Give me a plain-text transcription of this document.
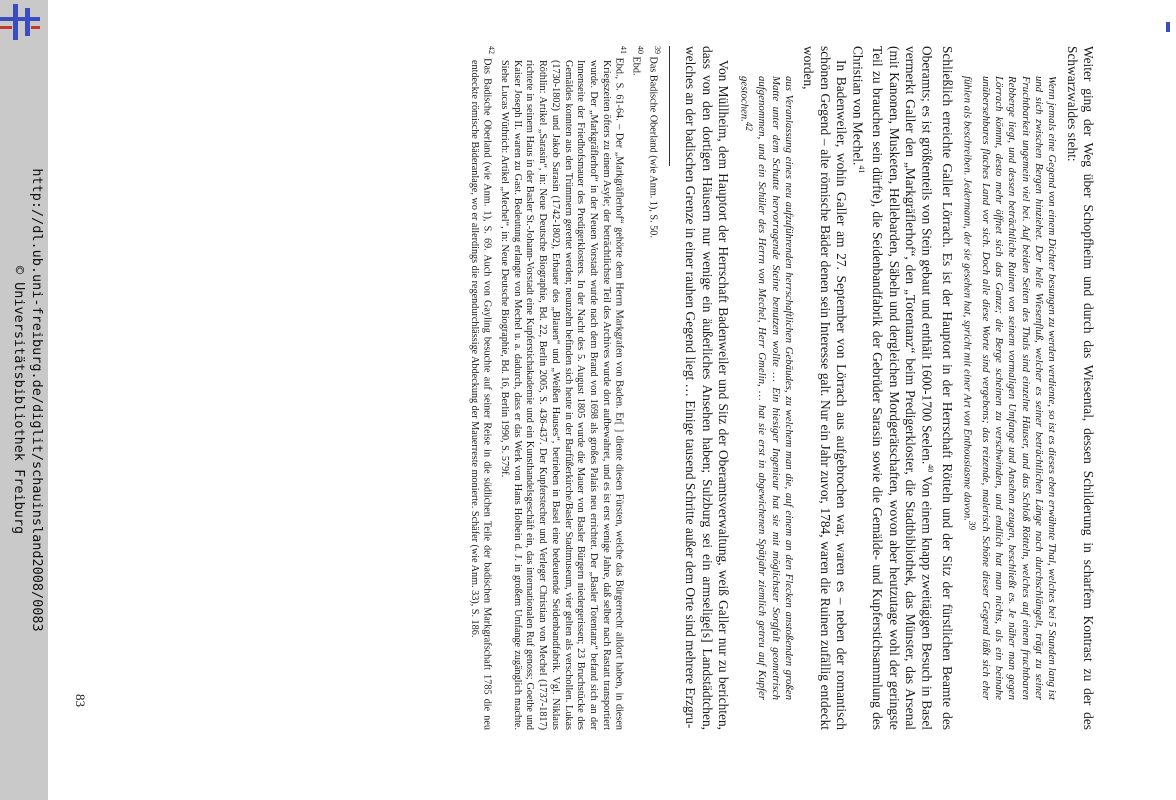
http://dl.ub.uni-freiburg.de/diglit/schauinsland2008/0083
© Universitätsbibliothek Freiburg	Weiter ging der Weg über Schopfheim und durch das Wiesental, dessen Schilderung in scharfem Kontrast zu der des Schwarzwaldes steht:

Wenn jemals eine Gegend von einem Dichter besungen zu werden verdiente, so ist es dieses eben erwähnte Thal, welches bei 5 Stunden lang ist und sich zwischen Bergen hinziehet. Der helle Wiesenfluß, welcher es seiner beträchtlichen Länge nach durchschlängelt, trägt zu seiner Fruchtbarkeit ungemein viel bei. Auf beiden Seiten des Thals sind einzelne Häuser, und das Schloß Rötteln, welches auf einem fruchtbaren Rebberge liegt, und dessen beträchtliche Ruinen von seinem vormaligen Umfange und Ansehen zeugen, beschließt es. Je näher man gegen Lörrach kömmt, desto mehr öffnet sich das Ganze; die Berge scheinen zu verschwinden, und endlich hat man nichts, als ein beinahe unübersehbares flaches Land vor sich. Doch alle diese Worte sind vergebens; das reizende, malerisch Schöne dieser Gegend läßt sich eher fühlen als beschreiben. Jedermann, der sie gesehen hat, spricht mit einer Art von Enthousiasme davon.$^{39}$

Schließlich erreichte Galler Lörrach. Es ist der Hauptort in der Herrschaft Rötteln und der Sitz der fürstlichen Beamte des Oberamts; es ist größtenteils von Stein gebaut und enthält 1600-1700 Seelen.$^{40}$ Von einem knapp zweitägigen Besuch in Basel vermerkt Galler den „Markgräflerhof“, den „Totentanz“ beim Predigerkloster, die Stadtbibliothek, das Münster, das Arsenal (mit Kanonen, Musketen, Hellebarden, Säbeln und dergleichen Mordgerätschaften, wovon aber heutzutage wohl der geringste Teil zu brauchen sein dürfte), die Seidenbandfabrik der Gebrüder Sarasin sowie die Gemälde- und Kupferstichsammlung des Christian von Mechel.$^{41}$

In Badenweiler, wohin Galler am 27. September von Lörrach aus aufgebrochen war, waren es – neben der romantisch schönen Gegend – alte römische Bäder denen sein Interesse galt. Nur ein Jahr zuvor, 1784, waren die Ruinen zufällig entdeckt worden,

aus Veranlassung eines neu aufzuführenden herrschaftlichen Gebäudes, zu welchem man die, auf einem an den Flecken anstoßenden großen Matte unter dem Schutte hervorragende Steine benutzen wollte … Ein hiesiger Ingenieur hat sie mit möglichster Sorgfalt geometrisch aufgenommen, und ein Schüler des Herrn von Mechel, Herr Gmelin, … hat sie erst in abgewichenen Spätjahr ziemlich getreu auf Kupfer gestochen.$^{42}$

Von Müllheim, dem Hauptort der Herrschaft Badenweiler und Sitz der Oberamtsverwaltung, weiß Galler nur zu berichten, dass von den dortigen Häusern nur wenige ein äußerliches Ansehen haben; Sulzburg sei ein armselige[s] Landstädtchen, welches an der badischen Grenze in einer rauhen Gegend liegt … Einige tausend Schritte außer dem Orte sind mehrere Erzgru-

$^{39}$ Das Badische Oberland (wie Anm. 1), S. 50.

$^{40}$ Ebd.

$^{41}$ Ebd., S. 61-64. – Der „Markgräflerhof“ gehörte dem Herrn Markgrafen von Baden. Er[ ] diente diesen Fürsten, welche das Bürgerrecht alldort haben, in diesen Kriegszeiten öfters zu einem Asyle; der beträchtlichste Teil des Archives wurde dort aufbewahret, und es ist erst wenige Jahre, daß selber nach Rastatt transportiert wurde. Der „Markgräflerhof“ in der Neuen Vorstadt wurde nach dem Brand von 1698 als großes Palais neu errichtet. Der „Basler Totentanz“ befand sich an der Innenseite der Friedhofsmauer des Predigerklosters. In der Nacht des 5. August 1805 wurde die Mauer von Basler Bürgern niedergerissen; 23 Bruchstücke des Gemäldes konnten aus den Trümmern gerettet werden; neunzehn befinden sich heute in der Barfüßerkirche/Basler Stadtmuseum, vier gelten als verschollen. Lukas (1730-1802) und Jakob Sarasin (1742-1802), Erbauer des „Blauen“ und „Weißen Hauses“, betrieben in Basel eine bedeutende Seidenbandfabrik. Vgl. Niklaus Röthlin: Artikel „Sarasin“, in: Neue Deutsche Biographie, Bd. 22, Berlin 2005, S. 436-437. Der Kupferstecher und Verleger Christian von Mechel (1737-1817) richtete in seinem Haus in der Basler St.-Johann-Vorstadt eine Kupferstichakademie und ein Kunsthandelsgeschäft ein, das internationalen Ruf genoss; Goethe und Kaiser Joseph II. waren zu Gast. Bedeutung erlangte von Mechel u. a. dadurch, dass er das Werk von Hans Holbein d. J. in großem Umfange zugänglich machte. Siehe Lucas Wüthrich: Artikel „Mechel“, in: Neue Deutsche Biographie, Bd. 16, Berlin 1990, S. 579f.

$^{42}$ Das Badische Oberland (wie Anm. 1), S. 69. Auch von Gayling besuchte auf seiner Reise in die südlichen Teile der badischen Markgrafschaft 1785 die neu entdeckte römische Bäderanlage, wo er allerdings die regendurchlässige Abdeckung der Mauerreste monierte. Schäfer (wie Anm. 33), S. 186.

83
